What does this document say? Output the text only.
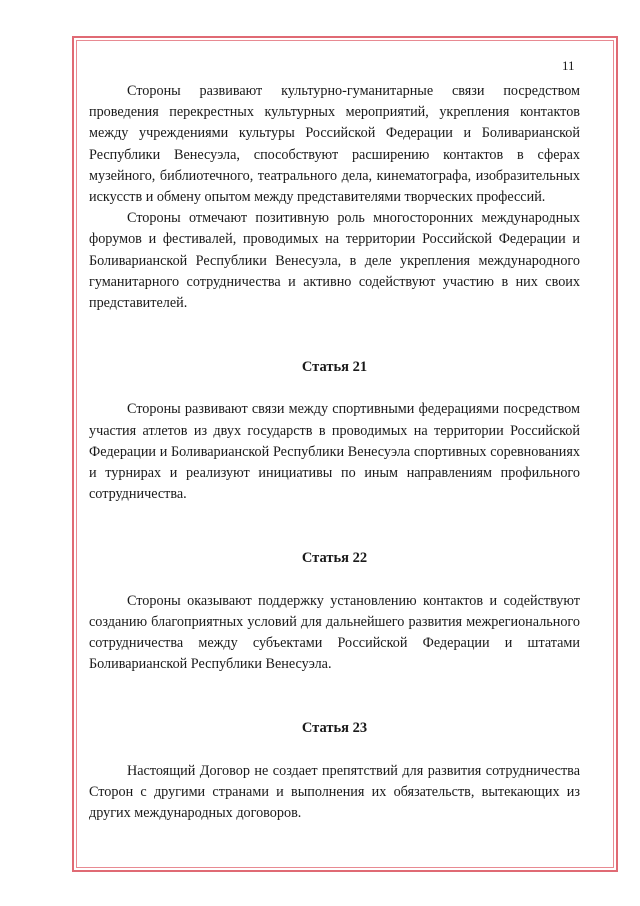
11

Стороны развивают культурно-гуманитарные связи посредством проведения перекрестных культурных мероприятий, укрепления контактов между учреждениями культуры Российской Федерации и Боливарианской Республики Венесуэла, способствуют расширению контактов в сферах музейного, библиотечного, театрального дела, кинематографа, изобразительных искусств и обмену опытом между представителями творческих профессий.

Стороны отмечают позитивную роль многосторонних международных форумов и фестивалей, проводимых на территории Российской Федерации и Боливарианской Республики Венесуэла, в деле укрепления международного гуманитарного сотрудничества и активно содействуют участию в них своих представителей.

Статья 21

Стороны развивают связи между спортивными федерациями посредством участия атлетов из двух государств в проводимых на территории Российской Федерации и Боливарианской Республики Венесуэла спортивных соревнованиях и турнирах и реализуют инициативы по иным направлениям профильного сотрудничества.

Статья 22

Стороны оказывают поддержку установлению контактов и содействуют созданию благоприятных условий для дальнейшего развития межрегионального сотрудничества между субъектами Российской Федерации и штатами Боливарианской Республики Венесуэла.

Статья 23

Настоящий Договор не создает препятствий для развития сотрудничества Сторон с другими странами и выполнения их обязательств, вытекающих из других международных договоров.
